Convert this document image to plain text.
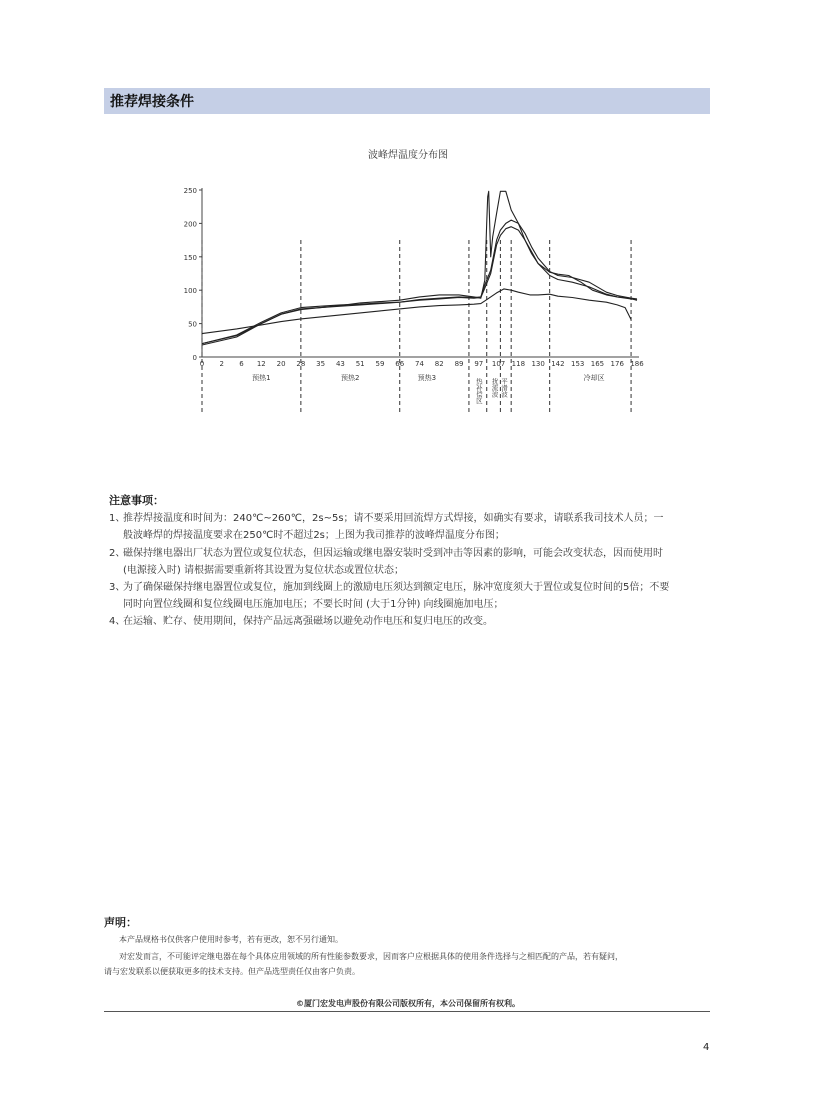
推荐焊接条件
波峰焊温度分布图
0
50
100
150
200
250
0 2 6 12 20 28 35 43 51 59 66 74 82 89 97 107 118 130 142 153 165 176 186
预热1	预热2	预热3	热补偿区 扰流波 平滑波	冷却区
注意事项：
1、
推荐焊接温度和时间为：240℃~260℃，2s~5s；请不要采用回流焊方式焊接，如确实有要求，请联系我司技术人员；一
般波峰焊的焊接温度要求在250℃时不超过2s；上图为我司推荐的波峰焊温度分布图；
2、
磁保持继电器出厂状态为置位或复位状态，但因运输或继电器安装时受到冲击等因素的影响，可能会改变状态，因而使用时
(电源接入时) 请根据需要重新将其设置为复位状态或置位状态；
3、
为了确保磁保持继电器置位或复位，施加到线圈上的激励电压须达到额定电压，脉冲宽度须大于置位或复位时间的5倍；不要
同时向置位线圈和复位线圈电压施加电压；不要长时间 (大于1分钟) 向线圈施加电压；
4、
在运输、贮存、使用期间，保持产品远离强磁场以避免动作电压和复归电压的改变。
声明：
本产品规格书仅供客户使用时参考，若有更改，恕不另行通知。
对宏发而言，不可能评定继电器在每个具体应用领域的所有性能参数要求，因而客户应根据具体的使用条件选择与之相匹配的产品，若有疑问，
请与宏发联系以便获取更多的技术支持。但产品选型责任仅由客户负责。
©厦门宏发电声股份有限公司版权所有，本公司保留所有权利。
4
